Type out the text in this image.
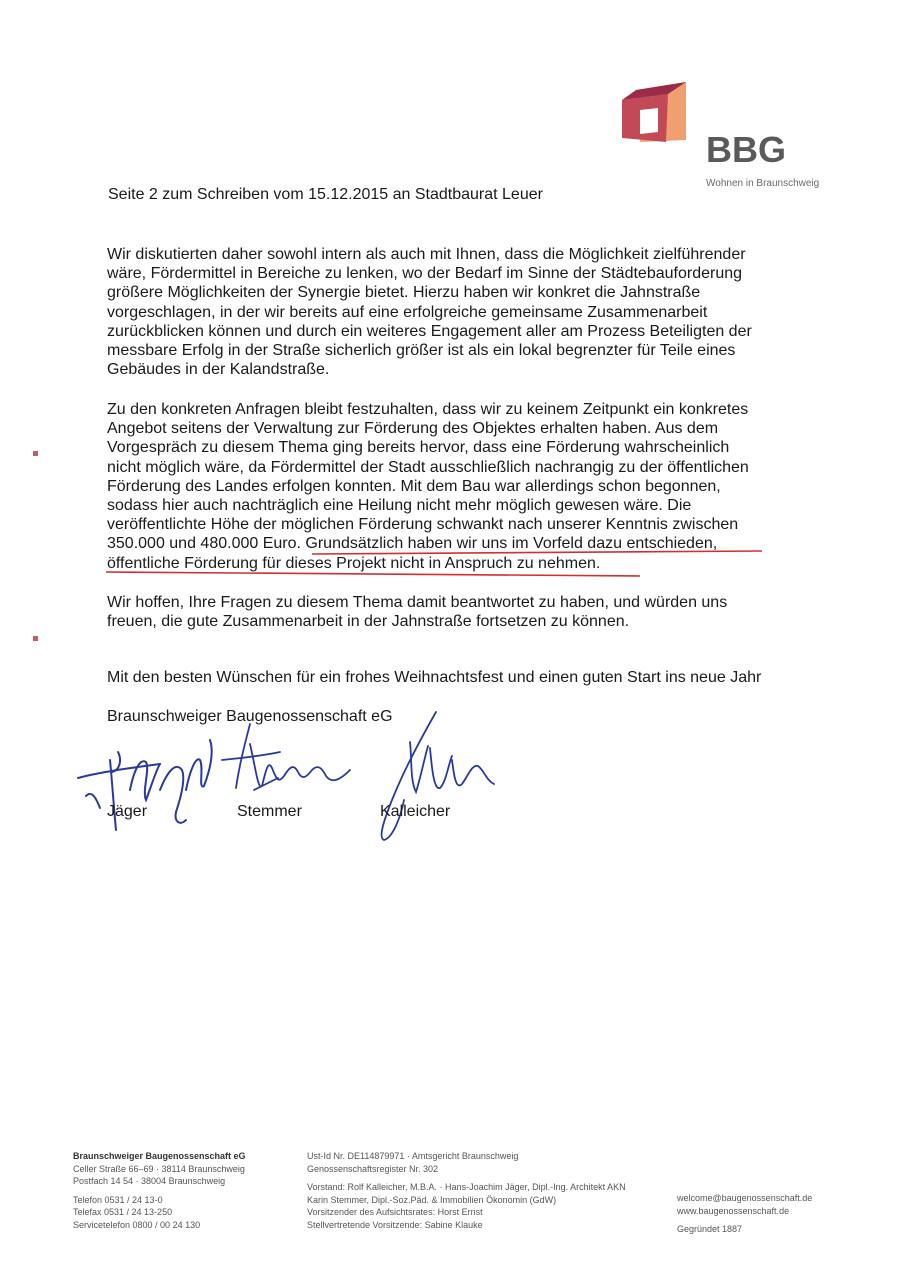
BBG
Wohnen in Braunschweig
Seite 2 zum Schreiben vom 15.12.2015 an Stadtbaurat Leuer
Wir diskutierten daher sowohl intern als auch mit Ihnen, dass die Möglichkeit zielführender
wäre, Fördermittel in Bereiche zu lenken, wo der Bedarf im Sinne der Städtebauforderung
größere Möglichkeiten der Synergie bietet. Hierzu haben wir konkret die Jahnstraße
vorgeschlagen, in der wir bereits auf eine erfolgreiche gemeinsame Zusammenarbeit
zurückblicken können und durch ein weiteres Engagement aller am Prozess Beteiligten der
messbare Erfolg in der Straße sicherlich größer ist als ein lokal begrenzter für Teile eines
Gebäudes in der Kalandstraße.
Zu den konkreten Anfragen bleibt festzuhalten, dass wir zu keinem Zeitpunkt ein konkretes
Angebot seitens der Verwaltung zur Förderung des Objektes erhalten haben. Aus dem
Vorgespräch zu diesem Thema ging bereits hervor, dass eine Förderung wahrscheinlich
nicht möglich wäre, da Fördermittel der Stadt ausschließlich nachrangig zu der öffentlichen
Förderung des Landes erfolgen konnten. Mit dem Bau war allerdings schon begonnen,
sodass hier auch nachträglich eine Heilung nicht mehr möglich gewesen wäre. Die
veröffentlichte Höhe der möglichen Förderung schwankt nach unserer Kenntnis zwischen
350.000 und 480.000 Euro. Grundsätzlich haben wir uns im Vorfeld dazu entschieden,
öffentliche Förderung für dieses Projekt nicht in Anspruch zu nehmen.
Wir hoffen, Ihre Fragen zu diesem Thema damit beantwortet zu haben, und würden uns
freuen, die gute Zusammenarbeit in der Jahnstraße fortsetzen zu können.
Mit den besten Wünschen für ein frohes Weihnachtsfest und einen guten Start ins neue Jahr
Braunschweiger Baugenossenschaft eG
Jäger	Stemmer	Kalleicher
Braunschweiger Baugenossenschaft eG
Celler Straße 66–69 · 38114 Braunschweig
Postfach 14 54 · 38004 Braunschweig
Telefon 0531 / 24 13-0
Telefax 0531 / 24 13-250
Servicetelefon 0800 / 00 24 130
Ust-Id Nr. DE114879971 · Amtsgericht Braunschweig
Genossenschaftsregister Nr. 302
Vorstand: Rolf Kalleicher, M.B.A. · Hans-Joachim Jäger, Dipl.-Ing. Architekt AKN
Karin Stemmer, Dipl.-Soz.Päd. & Immobilien Ökonomin (GdW)
Vorsitzender des Aufsichtsrates: Horst Ernst
Stellvertretende Vorsitzende: Sabine Klauke
welcome@baugenossenschaft.de
www.baugenossenschaft.de
Gegründet 1887
